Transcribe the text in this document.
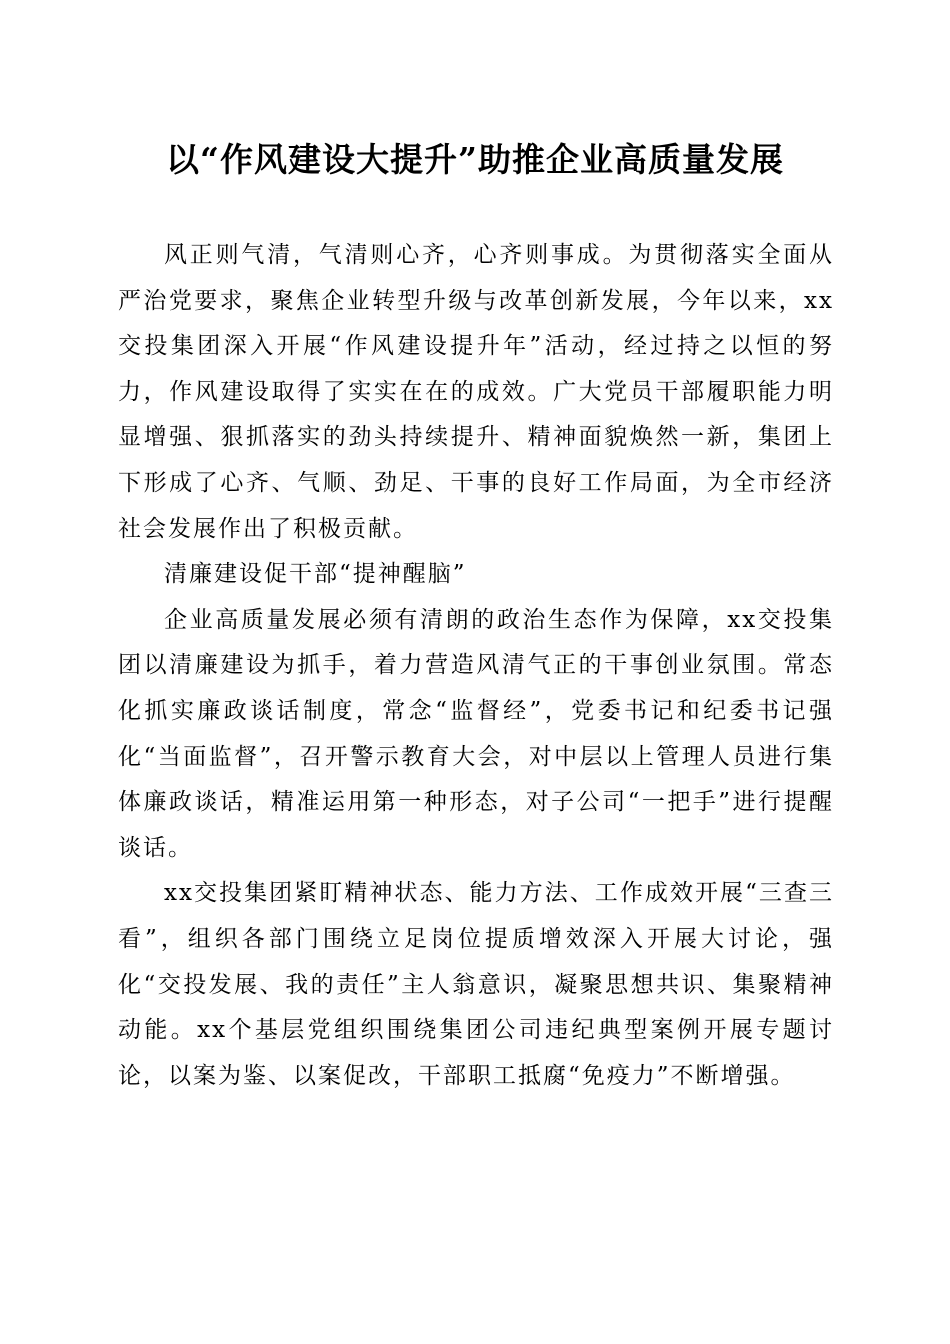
以“作风建设大提升”助推企业高质量发展

风正则气清，气清则心齐，心齐则事成。为贯彻落实全面从严治党要求，聚焦企业转型升级与改革创新发展，今年以来，xx交投集团深入开展“作风建设提升年”活动，经过持之以恒的努力，作风建设取得了实实在在的成效。广大党员干部履职能力明显增强、狠抓落实的劲头持续提升、精神面貌焕然一新，集团上下形成了心齐、气顺、劲足、干事的良好工作局面，为全市经济社会发展作出了积极贡献。

清廉建设促干部“提神醒脑”

企业高质量发展必须有清朗的政治生态作为保障，xx交投集团以清廉建设为抓手，着力营造风清气正的干事创业氛围。常态化抓实廉政谈话制度，常念“监督经”，党委书记和纪委书记强化“当面监督”，召开警示教育大会，对中层以上管理人员进行集体廉政谈话，精准运用第一种形态，对子公司“一把手”进行提醒谈话。

xx交投集团紧盯精神状态、能力方法、工作成效开展“三查三看”，组织各部门围绕立足岗位提质增效深入开展大讨论，强化“交投发展、我的责任”主人翁意识，凝聚思想共识、集聚精神动能。xx个基层党组织围绕集团公司违纪典型案例开展专题讨论，以案为鉴、以案促改，干部职工抵腐“免疫力”不断增强。
